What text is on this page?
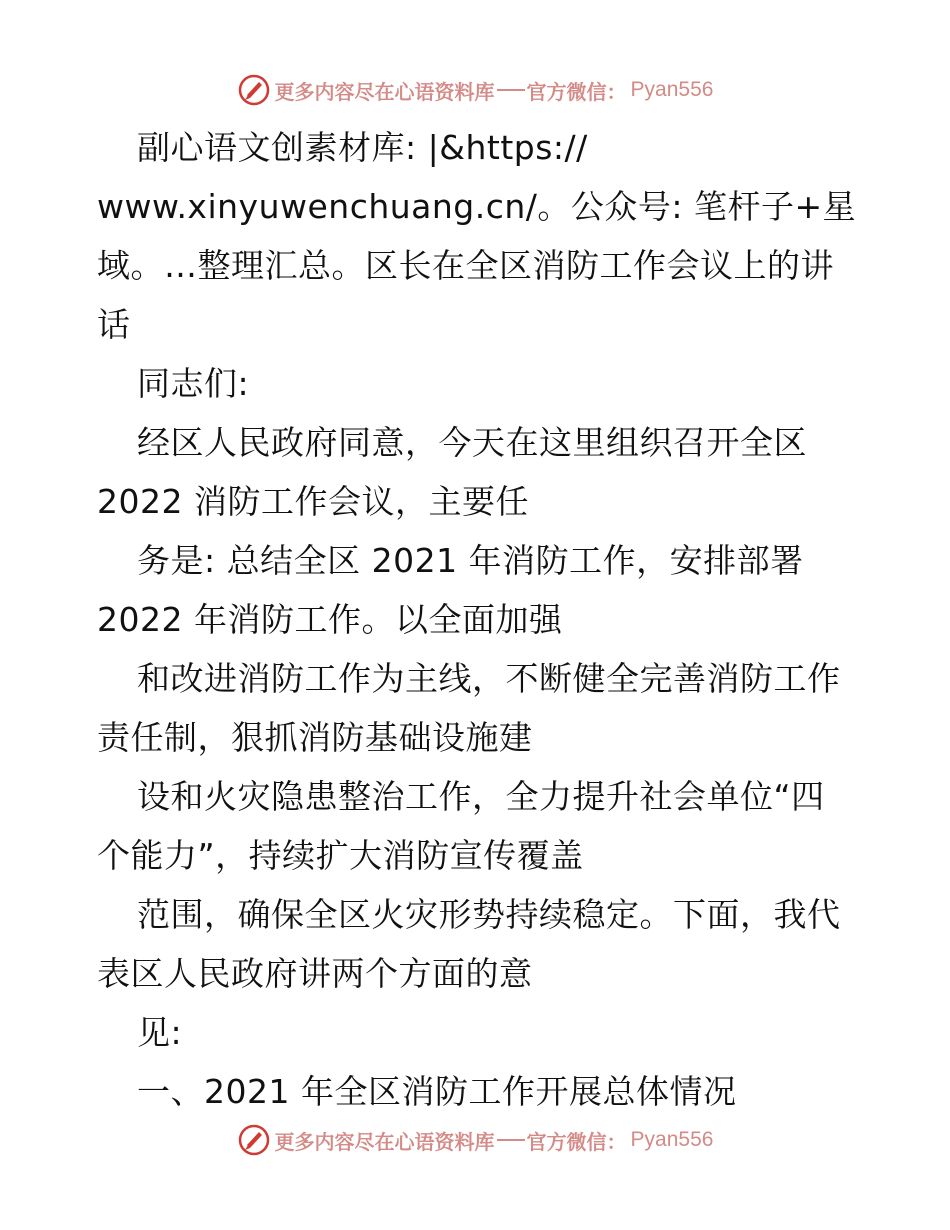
更多内容尽在心语资料库 官方微信： Pyan556
副心语文创素材库: |&https://
www.xinyuwenchuang.cn/。公众号: 笔杆子+星
域。…整理汇总。区长在全区消防工作会议上的讲
话
同志们:
经区人民政府同意，今天在这里组织召开全区
2022 消防工作会议，主要任
务是: 总结全区 2021 年消防工作，安排部署
2022 年消防工作。以全面加强
和改进消防工作为主线，不断健全完善消防工作
责任制，狠抓消防基础设施建
设和火灾隐患整治工作，全力提升社会单位“四
个能力”，持续扩大消防宣传覆盖
范围，确保全区火灾形势持续稳定。下面，我代
表区人民政府讲两个方面的意
见:
一、2021 年全区消防工作开展总体情况
更多内容尽在心语资料库 官方微信： Pyan556
